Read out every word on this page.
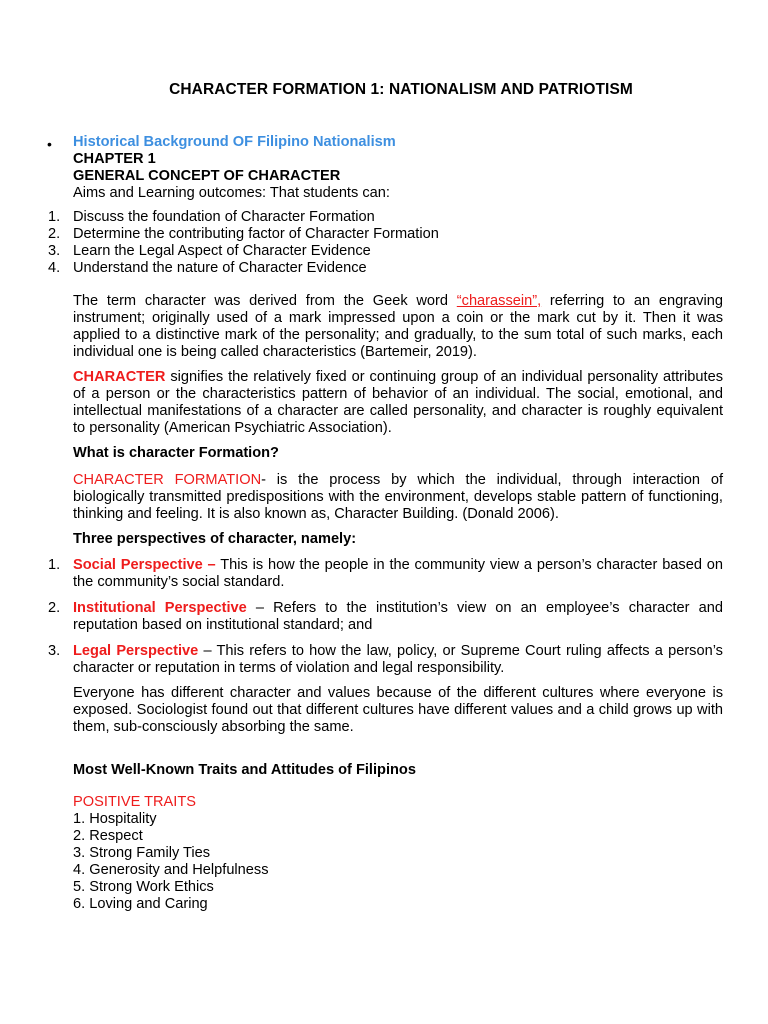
CHARACTER FORMATION 1: NATIONALISM AND PATRIOTISM
• Historical Background OF Filipino Nationalism
CHAPTER 1
GENERAL CONCEPT OF CHARACTER
Aims and Learning outcomes: That students can:
1. Discuss the foundation of Character Formation
2. Determine the contributing factor of Character Formation
3. Learn the Legal Aspect of Character Evidence
4. Understand the nature of Character Evidence

The term character was derived from the Geek word “charassein”, referring to an engraving instrument; originally used of a mark impressed upon a coin or the mark cut by it. Then it was applied to a distinctive mark of the personality; and gradually, to the sum total of such marks, each individual one is being called characteristics (Bartemeir, 2019).

CHARACTER signifies the relatively fixed or continuing group of an individual personality attributes of a person or the characteristics pattern of behavior of an individual. The social, emotional, and intellectual manifestations of a character are called personality, and character is roughly equivalent to personality (American Psychiatric Association).

What is character Formation?

CHARACTER FORMATION- is the process by which the individual, through interaction of biologically transmitted predispositions with the environment, develops stable pattern of functioning, thinking and feeling. It is also known as, Character Building. (Donald 2006).

Three perspectives of character, namely:
1. Social Perspective – This is how the people in the community view a person’s character based on the community’s social standard.
2. Institutional Perspective – Refers to the institution’s view on an employee’s character and reputation based on institutional standard; and
3. Legal Perspective – This refers to how the law, policy, or Supreme Court ruling affects a person’s character or reputation in terms of violation and legal responsibility.

Everyone has different character and values because of the different cultures where everyone is exposed. Sociologist found out that different cultures have different values and a child grows up with them, sub-consciously absorbing the same.

Most Well-Known Traits and Attitudes of Filipinos
POSITIVE TRAITS
1. Hospitality
2. Respect
3. Strong Family Ties
4. Generosity and Helpfulness
5. Strong Work Ethics
6. Loving and Caring
